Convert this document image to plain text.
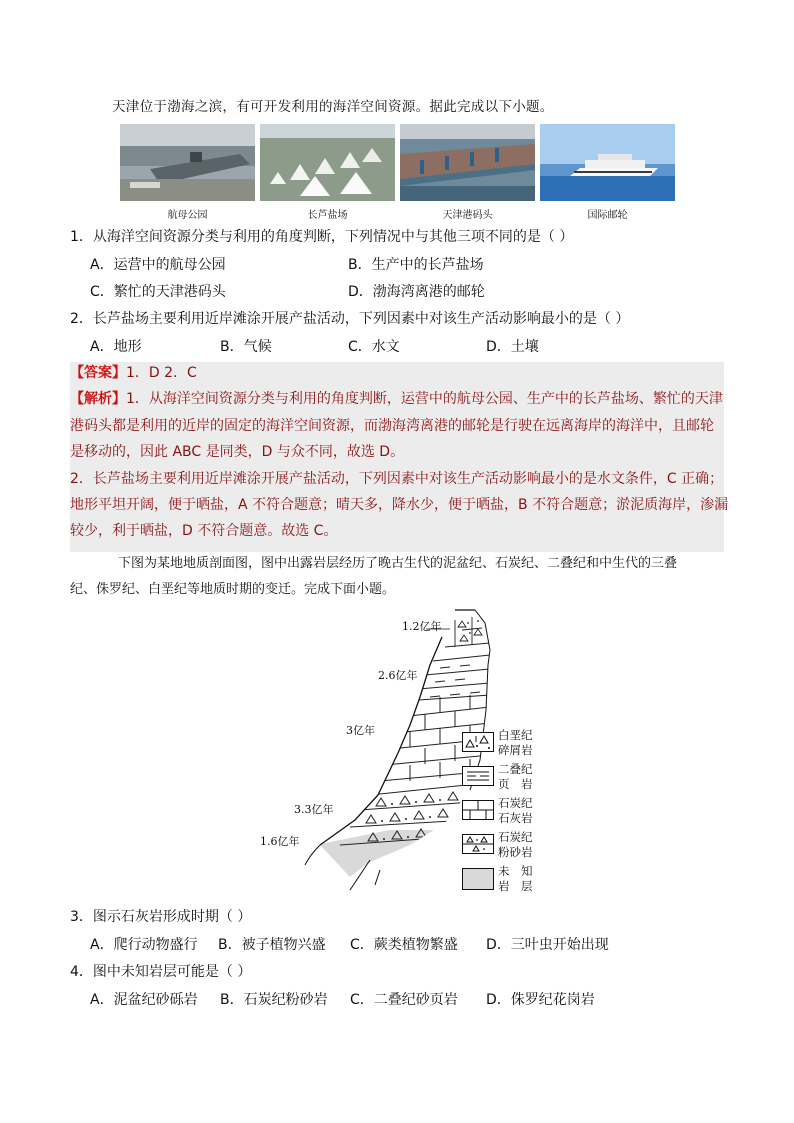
天津位于渤海之滨，有可开发利用的海洋空间资源。据此完成以下小题。
航母公园	长芦盐场	天津港码头	国际邮轮
1．从海洋空间资源分类与利用的角度判断，下列情况中与其他三项不同的是（ ）
A．运营中的航母公园	B．生产中的长芦盐场
C．繁忙的天津港码头	D．渤海湾离港的邮轮
2．长芦盐场主要利用近岸滩涂开展产盐活动，下列因素中对该生产活动影响最小的是（ ）
A．地形	B．气候	C．水文	D．土壤
【答案】1．D 2．C
【解析】1．从海洋空间资源分类与利用的角度判断，运营中的航母公园、生产中的长芦盐场、繁忙的天津
港码头都是利用的近岸的固定的海洋空间资源，而渤海湾离港的邮轮是行驶在远离海岸的海洋中，且邮轮
是移动的，因此 ABC 是同类，D 与众不同，故选 D。
2．长芦盐场主要利用近岸滩涂开展产盐活动，下列因素中对该生产活动影响最小的是水文条件，C 正确；
地形平坦开阔，便于晒盐，A 不符合题意；晴天多，降水少，便于晒盐，B 不符合题意；淤泥质海岸，渗漏
较少，利于晒盐，D 不符合题意。故选 C。
下图为某地地质剖面图，图中出露岩层经历了晚古生代的泥盆纪、石炭纪、二叠纪和中生代的三叠
纪、侏罗纪、白垩纪等地质时期的变迁。完成下面小题。
1.2亿年
2.6亿年
3亿年
3.3亿年
1.6亿年
白垩纪
碎屑岩
二叠纪
页　岩
石炭纪
石灰岩
石炭纪
粉砂岩
未　知
岩　层
3．图示石灰岩形成时期（ ）
A．爬行动物盛行 B．被子植物兴盛 C．蕨类植物繁盛 D．三叶虫开始出现
4．图中未知岩层可能是（ ）
A．泥盆纪砂砾岩 B．石炭纪粉砂岩 C．二叠纪砂页岩 D．侏罗纪花岗岩
